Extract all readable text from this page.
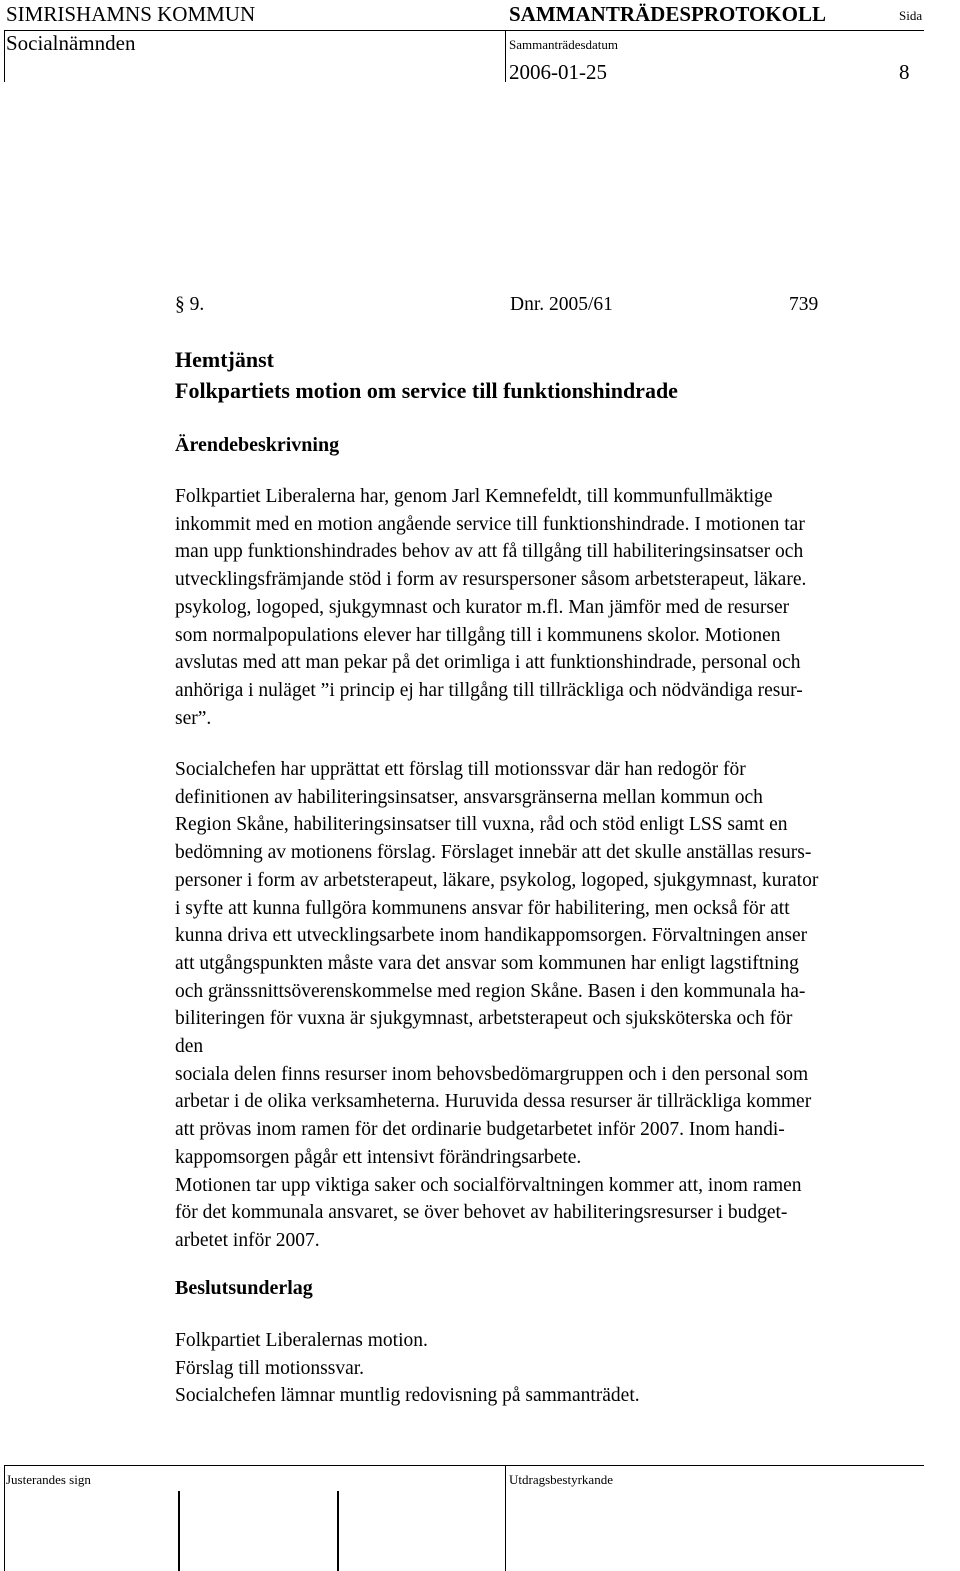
SIMRISHAMNS KOMMUN	SAMMANTRÄDESPROTOKOLL	Sida
Socialnämnden	Sammanträdesdatum
2006-01-25	8
§ 9.	Dnr. 2005/61	739
Hemtjänst
Folkpartiets motion om service till funktionshindrade
Ärendebeskrivning
Folkpartiet Liberalerna har, genom Jarl Kemnefeldt, till kommunfullmäktige
inkommit med en motion angående service till funktionshindrade. I motionen tar
man upp funktionshindrades behov av att få tillgång till habiliteringsinsatser och
utvecklingsfrämjande stöd i form av resurspersoner såsom arbetsterapeut, läkare.
psykolog, logoped, sjukgymnast och kurator m.fl. Man jämför med de resurser
som normalpopulations elever har tillgång till i kommunens skolor. Motionen
avslutas med att man pekar på det orimliga i att funktionshindrade, personal och
anhöriga i nuläget ”i princip ej har tillgång till tillräckliga och nödvändiga resur-
ser”.
Socialchefen har upprättat ett förslag till motionssvar där han redogör för
definitionen av habiliteringsinsatser, ansvarsgränserna mellan kommun och
Region Skåne, habiliteringsinsatser till vuxna, råd och stöd enligt LSS samt en
bedömning av motionens förslag. Förslaget innebär att det skulle anställas resurs-
personer i form av arbetsterapeut, läkare, psykolog, logoped, sjukgymnast, kurator
i syfte att kunna fullgöra kommunens ansvar för habilitering, men också för att
kunna driva ett utvecklingsarbete inom handikappomsorgen. Förvaltningen anser
att utgångspunkten måste vara det ansvar som kommunen har enligt lagstiftning
och gränssnittsöverenskommelse med region Skåne. Basen i den kommunala ha-
biliteringen för vuxna är sjukgymnast, arbetsterapeut och sjuksköterska och för
den
sociala delen finns resurser inom behovsbedömargruppen och i den personal som
arbetar i de olika verksamheterna. Huruvida dessa resurser är tillräckliga kommer
att prövas inom ramen för det ordinarie budgetarbetet inför 2007. Inom handi-
kappomsorgen pågår ett intensivt förändringsarbete.
Motionen tar upp viktiga saker och socialförvaltningen kommer att, inom ramen
för det kommunala ansvaret, se över behovet av habiliteringsresurser i budget-
arbetet inför 2007.
Beslutsunderlag
Folkpartiet Liberalernas motion.
Förslag till motionssvar.
Socialchefen lämnar muntlig redovisning på sammanträdet.
Justerandes sign	Utdragsbestyrkande
